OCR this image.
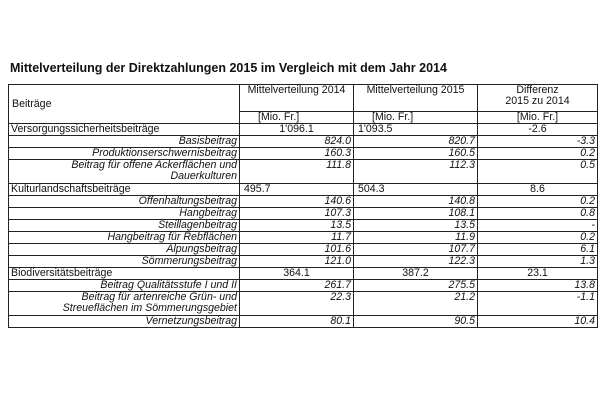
Mittelverteilung der Direktzahlungen 2015 im Vergleich mit dem Jahr 2014
Beiträge	Mittelverteilung 2014	Mittelverteilung 2015	Differenz
2015 zu 2014

	[Mio. Fr.]	[Mio. Fr.]	[Mio. Fr.]
Versorgungssicherheitsbeiträge	1'096.1	1'093.5	-2.6
Basisbeitrag	824.0	820.7	-3.3
Produktionserschwernisbeitrag	160.3	160.5	0.2

Beitrag für offene Ackerflächen und
Dauerkulturen	111.8	112.3	0.5
Kulturlandschaftsbeiträge	495.7	504.3	8.6
Offenhaltungsbeitrag	140.6	140.8	0.2
Hangbeitrag	107.3	108.1	0.8
Steillagenbeitrag	13.5	13.5	-
Hangbeitrag für Rebflächen	11.7	11.9	0.2
Alpungsbeitrag	101.6	107.7	6.1
Sömmerungsbeitrag	121.0	122.3	1.3
Biodiversitätsbeiträge	364.1	387.2	23.1
Beitrag Qualitätsstufe I und II	261.7	275.5	13.8

Beitrag für artenreiche Grün- und
Streueflächen im Sömmerungsgebiet	22.3	21.2	-1.1
Vernetzungsbeitrag	80.1	90.5	10.4
